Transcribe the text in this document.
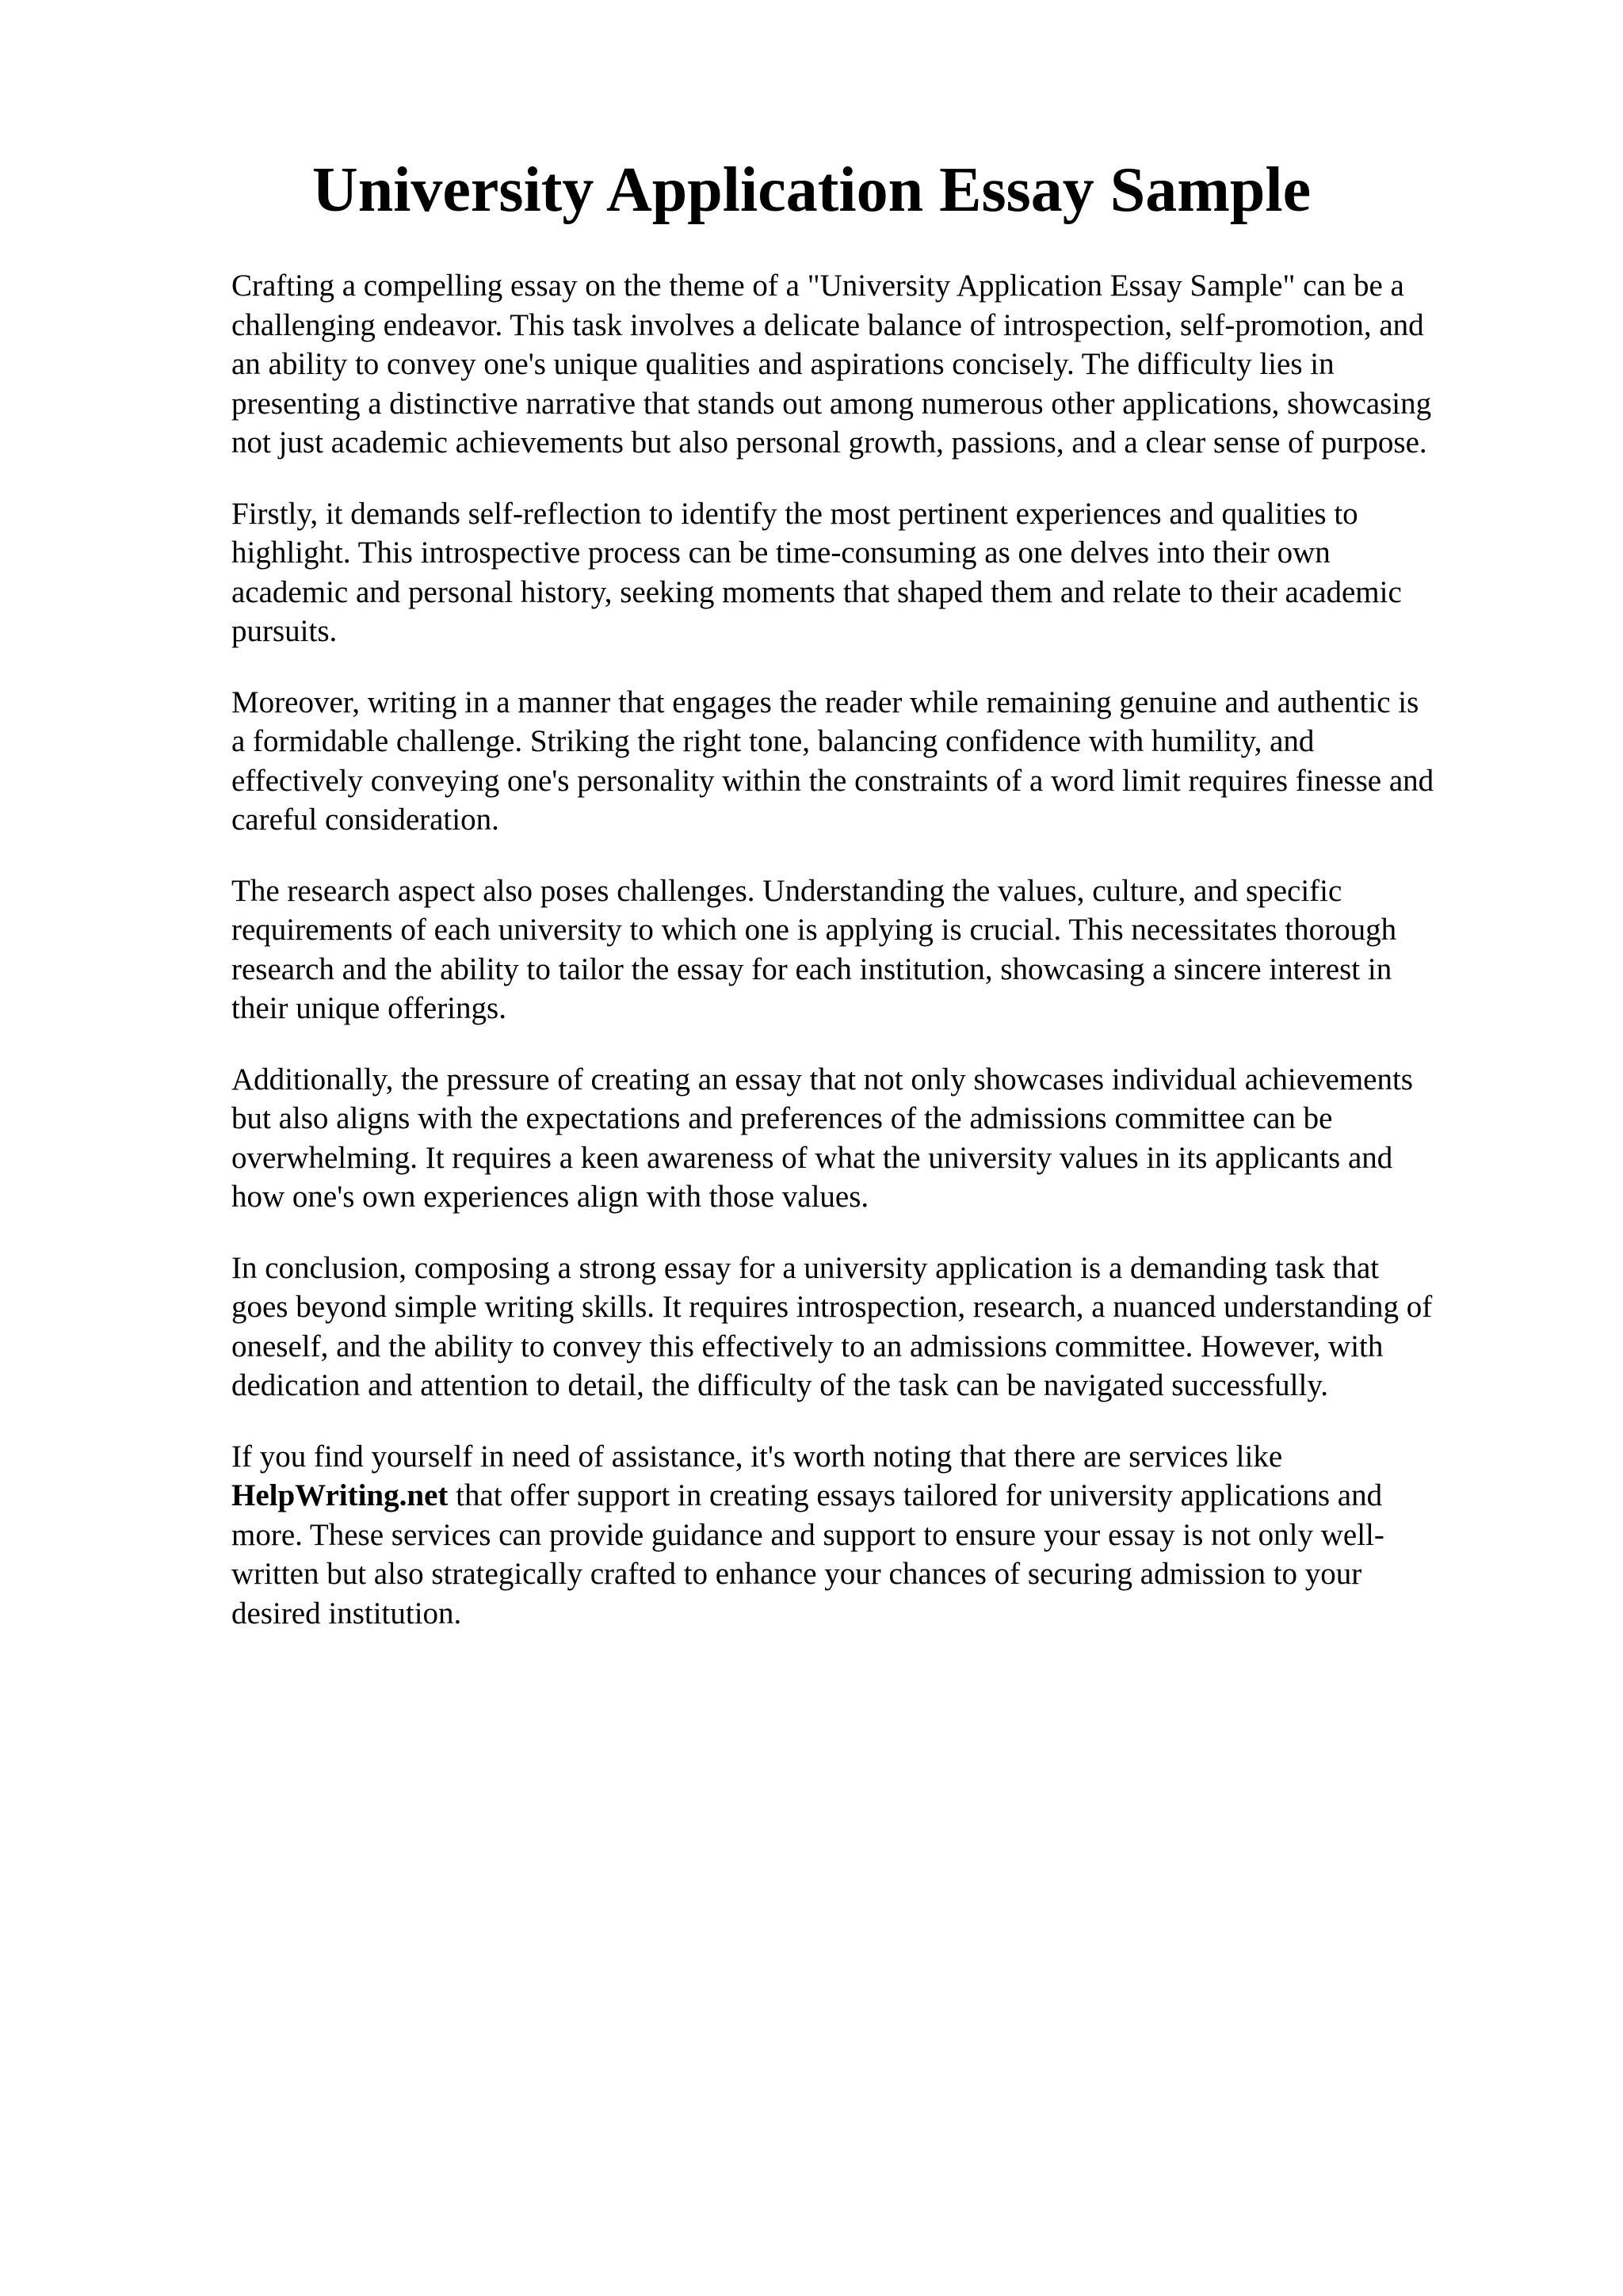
University Application Essay Sample

Crafting a compelling essay on the theme of a "University Application Essay Sample" can be a
challenging endeavor. This task involves a delicate balance of introspection, self-promotion, and
an ability to convey one's unique qualities and aspirations concisely. The difficulty lies in
presenting a distinctive narrative that stands out among numerous other applications, showcasing
not just academic achievements but also personal growth, passions, and a clear sense of purpose.

Firstly, it demands self-reflection to identify the most pertinent experiences and qualities to
highlight. This introspective process can be time-consuming as one delves into their own
academic and personal history, seeking moments that shaped them and relate to their academic
pursuits.

Moreover, writing in a manner that engages the reader while remaining genuine and authentic is
a formidable challenge. Striking the right tone, balancing confidence with humility, and
effectively conveying one's personality within the constraints of a word limit requires finesse and
careful consideration.

The research aspect also poses challenges. Understanding the values, culture, and specific
requirements of each university to which one is applying is crucial. This necessitates thorough
research and the ability to tailor the essay for each institution, showcasing a sincere interest in
their unique offerings.

Additionally, the pressure of creating an essay that not only showcases individual achievements
but also aligns with the expectations and preferences of the admissions committee can be
overwhelming. It requires a keen awareness of what the university values in its applicants and
how one's own experiences align with those values.

In conclusion, composing a strong essay for a university application is a demanding task that
goes beyond simple writing skills. It requires introspection, research, a nuanced understanding of
oneself, and the ability to convey this effectively to an admissions committee. However, with
dedication and attention to detail, the difficulty of the task can be navigated successfully.

If you find yourself in need of assistance, it's worth noting that there are services like
HelpWriting.net that offer support in creating essays tailored for university applications and
more. These services can provide guidance and support to ensure your essay is not only well-
written but also strategically crafted to enhance your chances of securing admission to your
desired institution.
